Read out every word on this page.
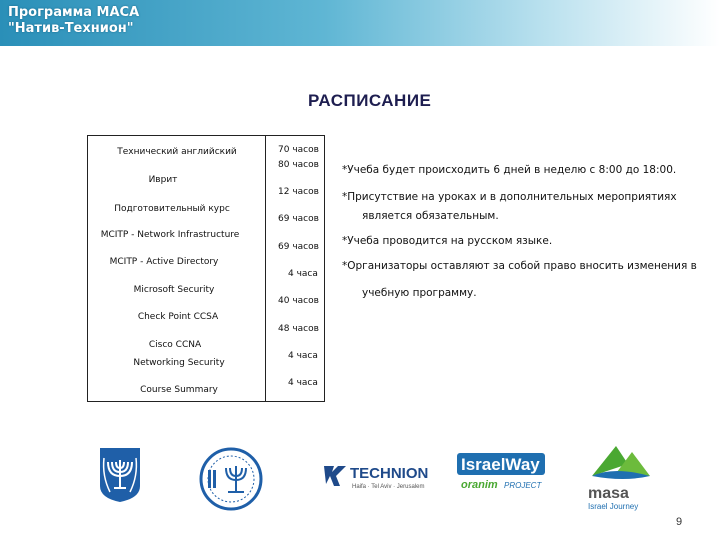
Программа МАСА
"Натив-Технион"
РАСПИСАНИЕ
Технический английский
Иврит
Подготовительный курс
MCITP - Network Infrastructure
MCITP - Active Directory
Microsoft Security
Check Point CCSA
Cisco CCNA
Networking Security
Course Summary
70 часов
80 часов
12 часов
69 часов
69 часов
4 часа
40 часов
48 часов
4 часа
4 часа
*Учеба будет происходить 6 дней в неделю с 8:00 до 18:00.
*Присутствие на уроках и в дополнительных мероприятиях
является обязательным.
*Учеба проводится на русском языке.
*Организаторы оставляют за собой право вносить изменения в
учебную программу.
TECHNION
Haifa · Tel Aviv · Jerusalem
IsraelWay
oranim PROJECT	masa
Israel Journey
9
